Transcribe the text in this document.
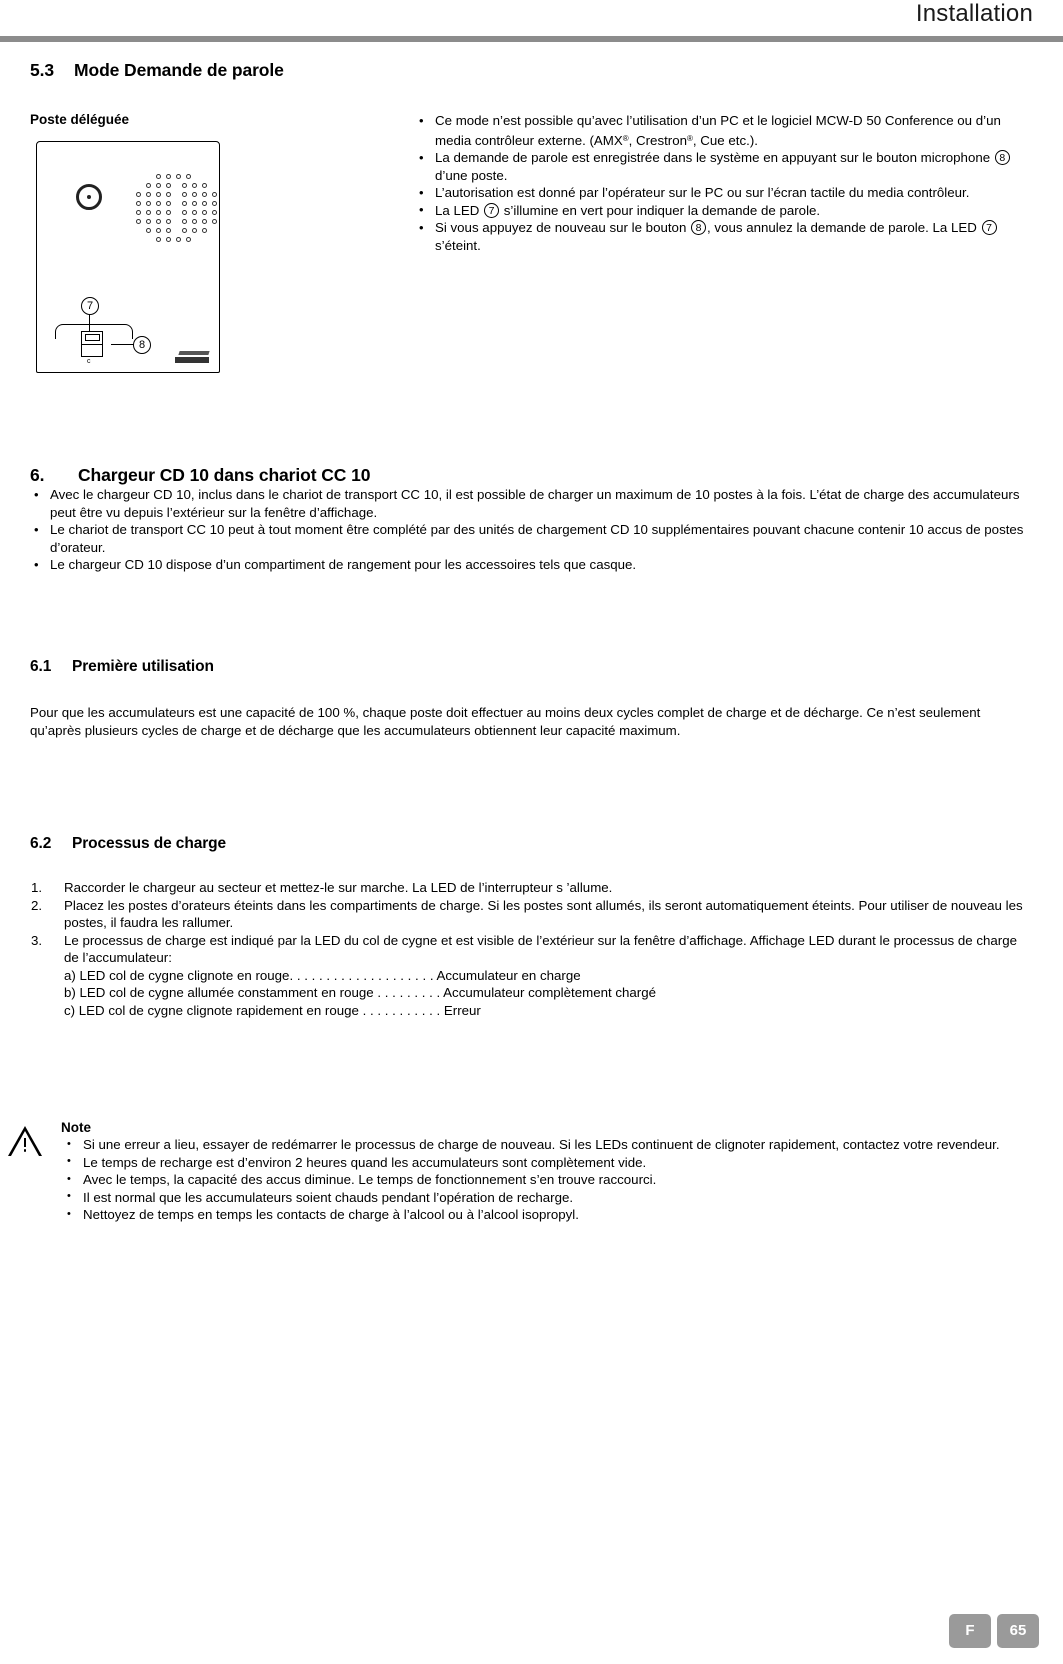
Installation
5.3 Mode Demande de parole
Poste déléguée
7
8
c
• Ce mode n’est possible qu’avec l’utilisation d’un PC et le logiciel MCW-D 50 Conference ou d’un media contrôleur externe. (AMX®, Crestron®, Cue etc.).
• La demande de parole est enregistrée dans le système en appuyant sur le bouton microphone 8 d’une poste.
• L’autorisation est donné par l’opérateur sur le PC ou sur l’écran tactile du media contrôleur.
• La LED 7 s’illumine en vert pour indiquer la demande de parole.
• Si vous appuyez de nouveau sur le bouton 8 , vous annulez la demande de parole. La LED 7 s’éteint.
6. Chargeur CD 10 dans chariot CC 10
• Avec le chargeur CD 10, inclus dans le chariot de transport CC 10, il est possible de charger un maximum de 10 postes à la fois. L’état de charge des accumulateurs peut être vu depuis l’extérieur sur la fenêtre d’affichage.
• Le chariot de transport CC 10 peut à tout moment être complété par des unités de chargement CD 10 supplémentaires pouvant chacune contenir 10 accus de postes d’orateur.
• Le chargeur CD 10 dispose d’un compartiment de rangement pour les accessoires tels que casque.
6.1 Première utilisation

Pour que les accumulateurs est une capacité de 100 %, chaque poste doit effectuer au moins deux cycles complet de charge et de décharge. Ce n’est seulement qu’après plusieurs cycles de charge et de décharge que les accumulateurs obtiennent leur capacité maximum.

6.2 Processus de charge
1. Raccorder le chargeur au secteur et mettez-le sur marche. La LED de l’interrupteur s ’allume.
2. Placez les postes d’orateurs éteints dans les compartiments de charge. Si les postes sont allumés, ils seront automatiquement éteints. Pour utiliser de nouveau les postes, il faudra les rallumer.
3. Le processus de charge est indiqué par la LED du col de cygne et est visible de l’extérieur sur la fenêtre d’affichage. Affichage LED durant le processus de charge de l’accumulateur:
a) LED col de cygne clignote en rouge. . . . . . . . . . . . . . . . . . . . Accumulateur en charge
b) LED col de cygne allumée constamment en rouge . . . . . . . . . Accumulateur complètement chargé
c) LED col de cygne clignote rapidement en rouge . . . . . . . . . . . Erreur
Note
• Si une erreur a lieu, essayer de redémarrer le processus de charge de nouveau. Si les LEDs continuent de clignoter rapidement, contactez votre revendeur.
• Le temps de recharge est d’environ 2 heures quand les accumulateurs sont complètement vide.
• Avec le temps, la capacité des accus diminue. Le temps de fonctionnement s’en trouve raccourci.
• Il est normal que les accumulateurs soient chauds pendant l’opération de recharge.
• Nettoyez de temps en temps les contacts de charge à l’alcool ou à l’alcool isopropyl.
F	65
